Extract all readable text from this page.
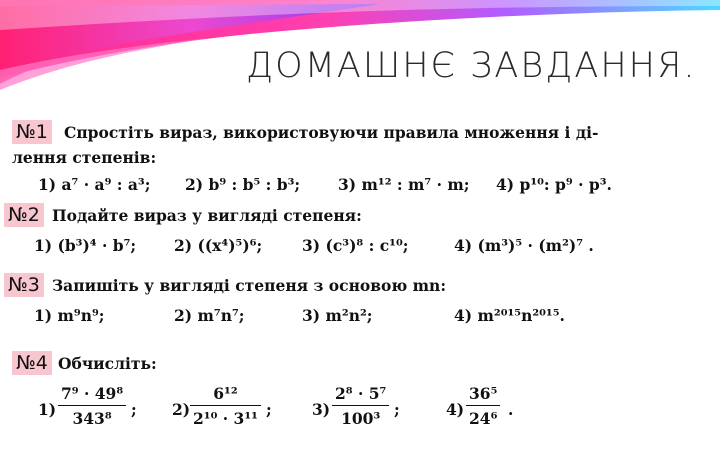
ДОМАШНЄ ЗАВДАННЯ.
№1 Спростіть вираз, використовуючи правила множення і ді-
лення степенів:
1) a⁷ · a⁹ : a³; 2) b⁹ : b⁵ : b³; 3) m¹² : m⁷ · m; 4) p¹⁰: p⁹ · p³.
№2 Подайте вираз у вигляді степеня:
1) (b³)⁴ · b⁷; 2) ((x⁴)⁵)⁶;	3) (c³)⁸ : c¹⁰;	4) (m³)⁵ · (m²)⁷ .
№3 Запишіть у вигляді степеня з основою mn:
1) m⁹n⁹;	2) m⁷n⁷;	3) m²n²;	4) m²⁰¹⁵n²⁰¹⁵.
№4 Обчисліть:
$1) \frac{\text{7⁹ · 49⁸}}{\text{343⁸}}$ ; $2) \frac{\text{6¹²}}{\text{2¹⁰ · 3¹¹}}$ ;	$3) \frac{\text{2⁸ · 5⁷}}{\text{100³}}$ ;	$4) \frac{\text{36⁵}}{\text{24⁶}}$ .
